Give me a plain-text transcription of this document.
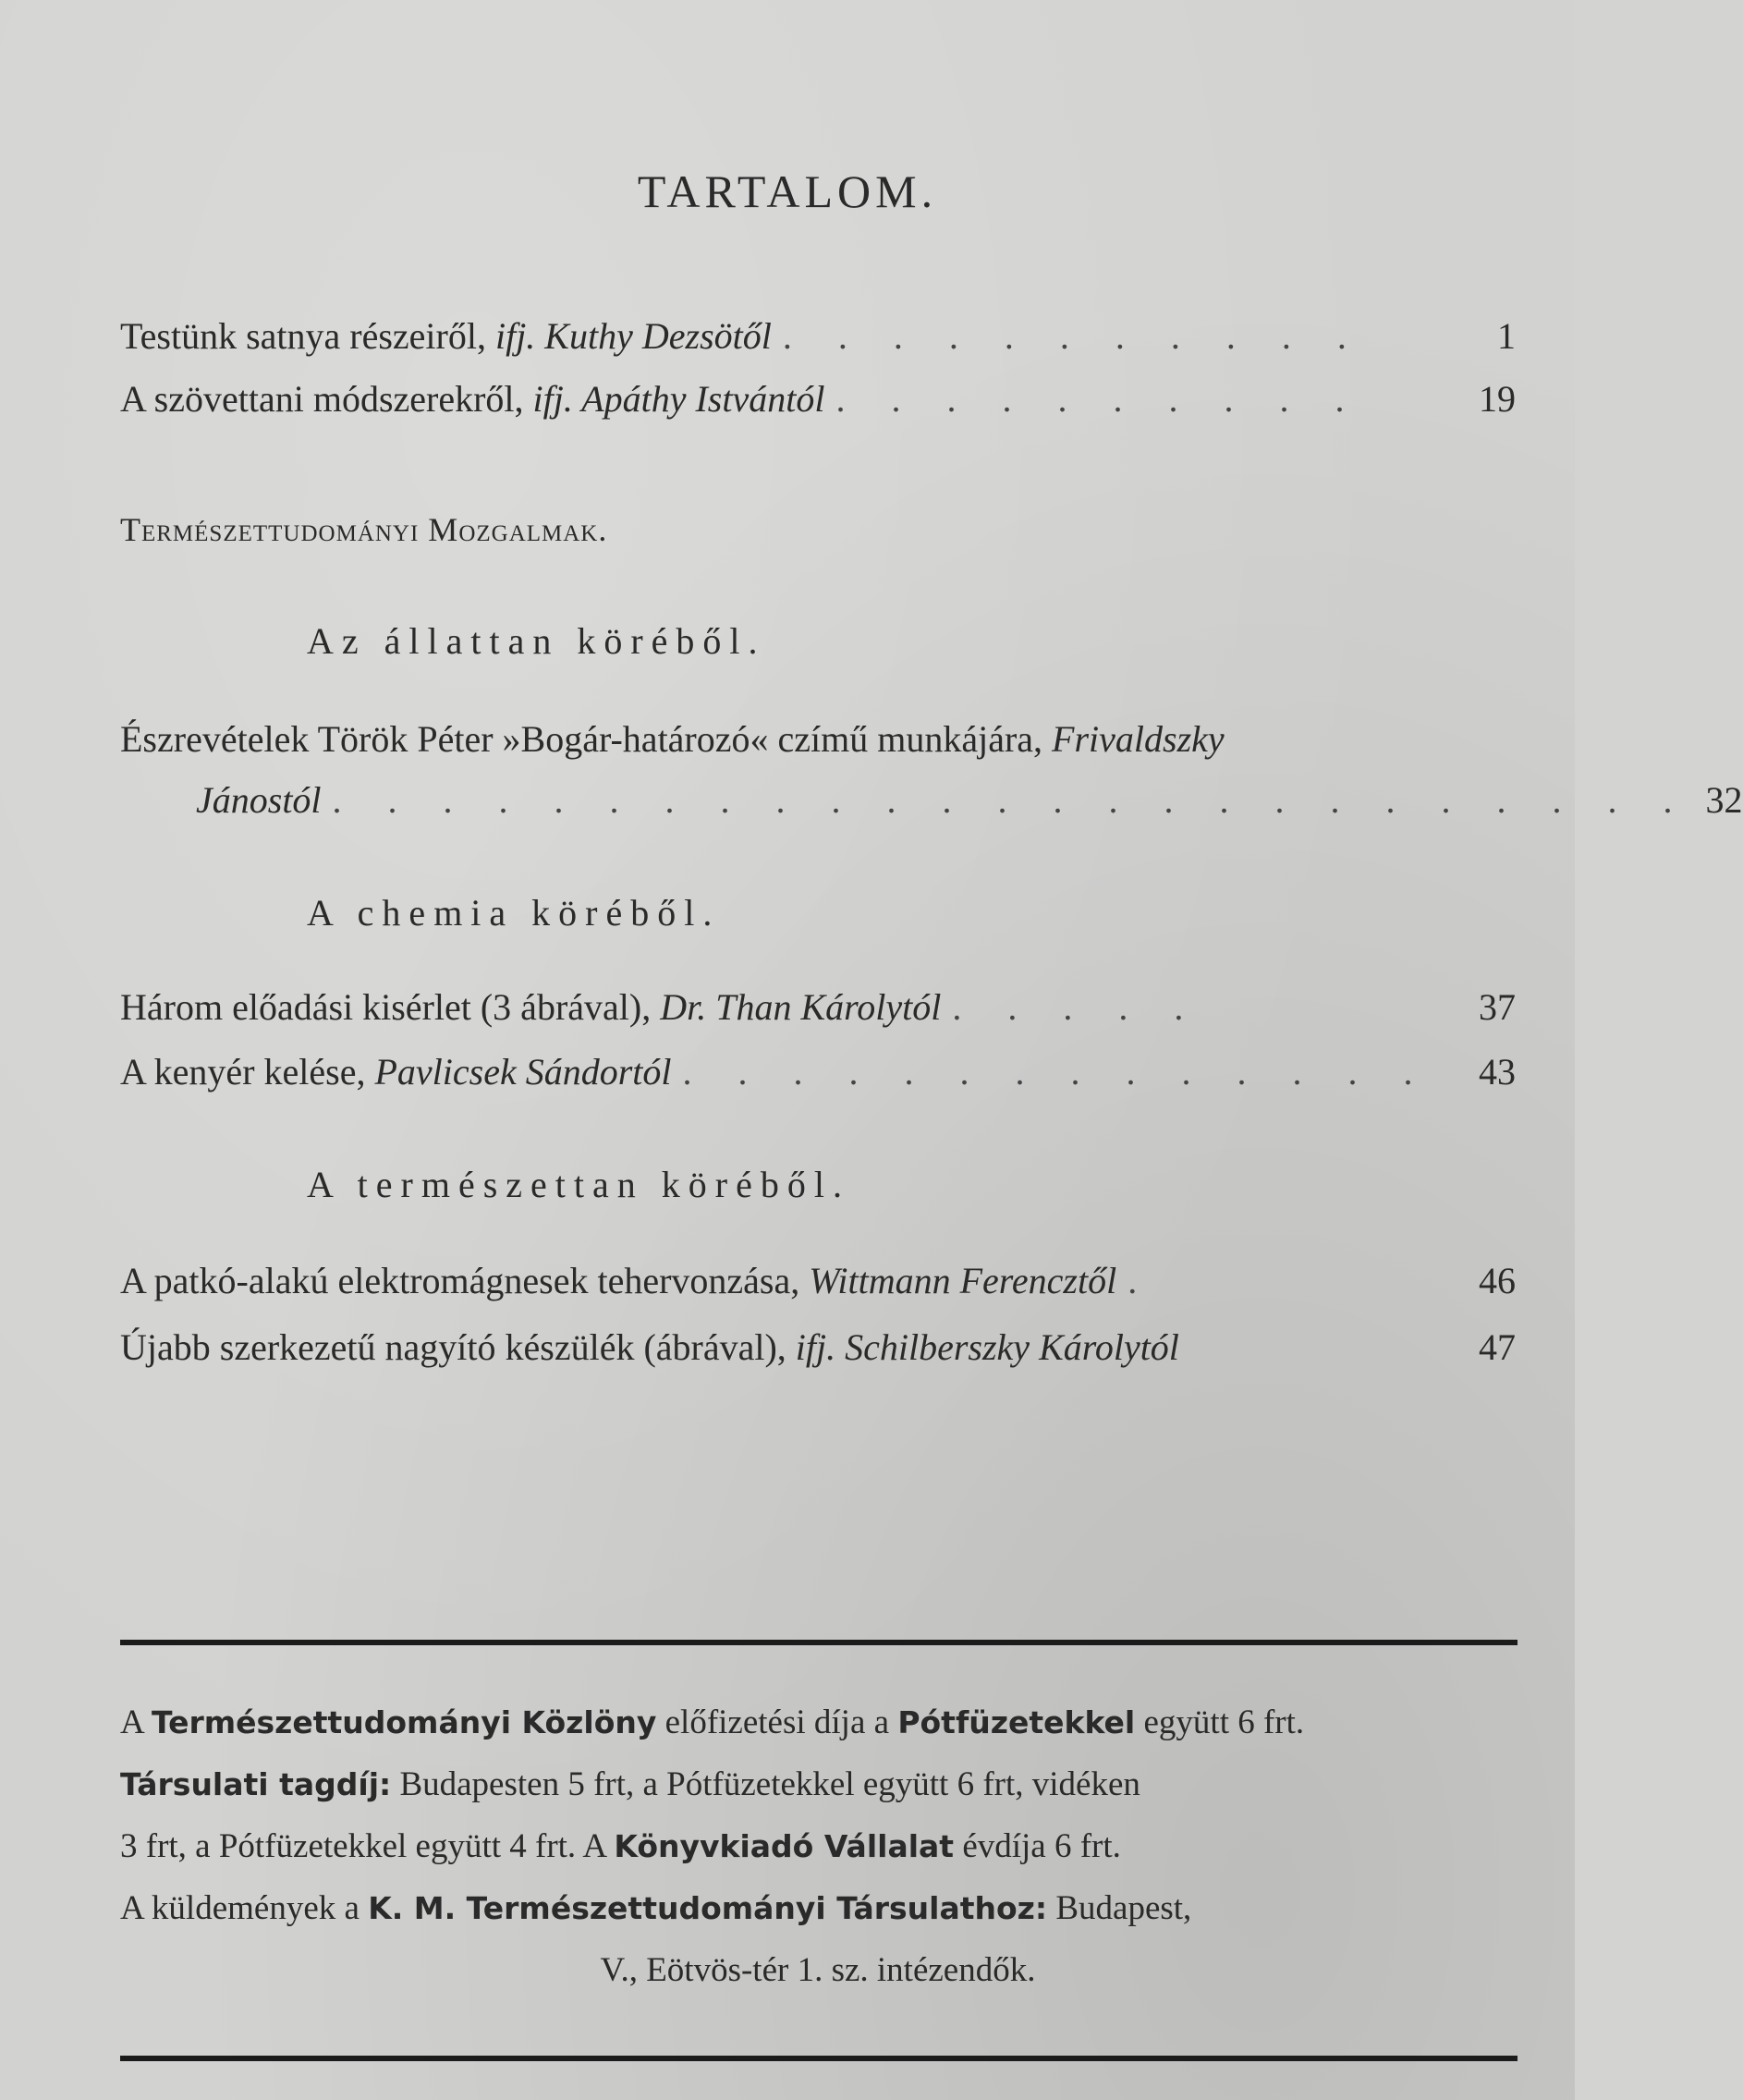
TARTALOM.
Testünk satnya részeiről,
ifj. Kuthy Dezsötől . . . . . . . . . . .	1
A szövettani módszerekről,
ifj. Apáthy Istvántól . . . . . . . . . .	19
Természettudományi Mozgalmak.
Az állattan köréből.
Észrevételek Török Péter »Bogár-határozó« czímű munkájára,
Frivaldszky
Jánostól . . . . . . . . . . . . . . . . . . . . . . . . . 32
A chemia köréből.
Három előadási kisérlet (3 ábrával),
Dr. Than Károlytól . . . . .	37
A kenyér kelése,
Pavlicsek Sándortól . . . . . . . . . . . . . .	43
A természettan köréből.
A patkó-alakú elektromágnesek tehervonzása,
Wittmann Ferencztől .	46
Újabb szerkezetű nagyító készülék (ábrával),
ifj. Schilberszky Károlytól	47
A Természettudományi Közlöny előfizetési díja a Pótfüzetekkel együtt 6 frt.
Társulati tagdíj: Budapesten 5 frt, a Pótfüzetekkel együtt 6 frt, vidéken
3 frt, a Pótfüzetekkel együtt 4 frt. A Könyvkiadó Vállalat évdíja 6 frt.
A küldemények a K. M. Természettudományi Társulathoz: Budapest,
V., Eötvös-tér 1. sz. intézendők.
